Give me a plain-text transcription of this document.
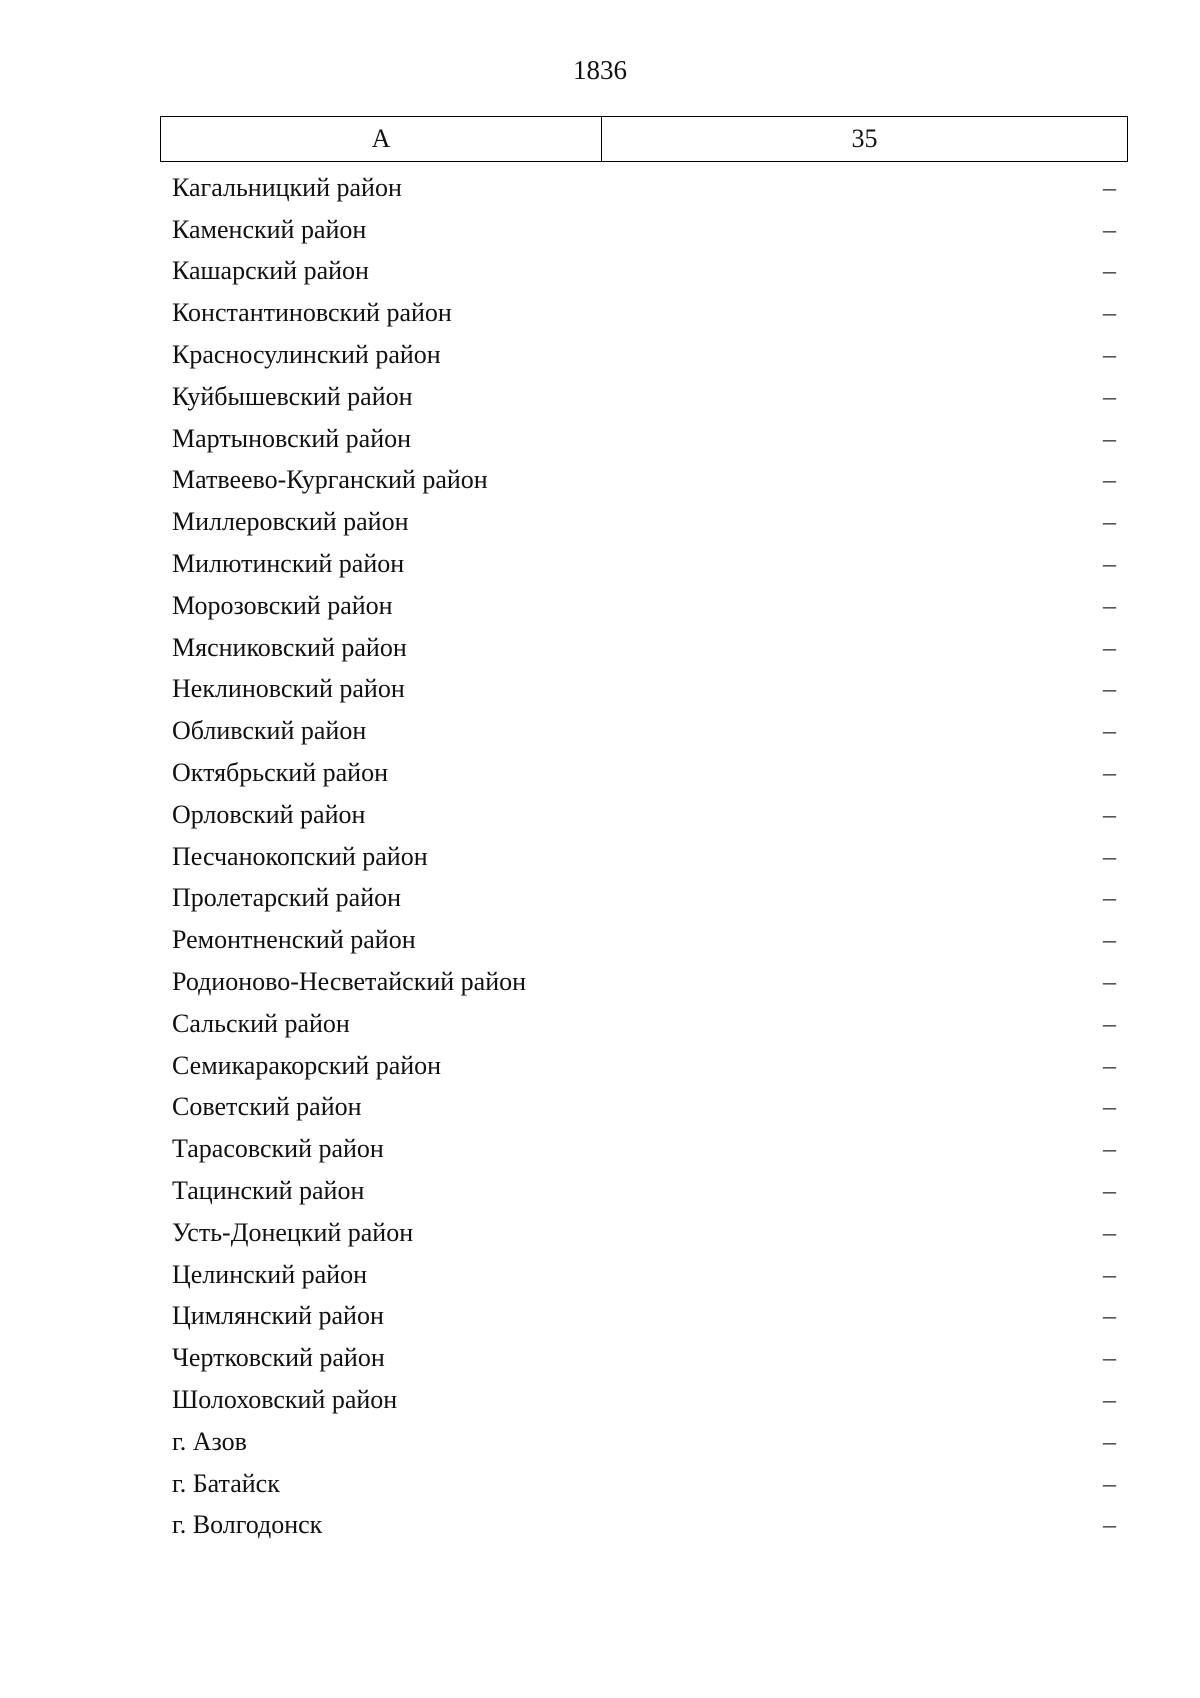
1836
А	35
Кагальницкий район	–
Каменский район	–
Кашарский район	–
Константиновский район	–
Красносулинский район	–
Куйбышевский район	–
Мартыновский район	–
Матвеево-Курганский район	–
Миллеровский район	–
Милютинский район	–
Морозовский район	–
Мясниковский район	–
Неклиновский район	–
Обливский район	–
Октябрьский район	–
Орловский район	–
Песчанокопский район	–
Пролетарский район	–
Ремонтненский район	–
Родионово-Несветайский район	–
Сальский район	–
Семикаракорский район	–
Советский район	–
Тарасовский район	–
Тацинский район	–
Усть-Донецкий район	–
Целинский район	–
Цимлянский район	–
Чертковский район	–
Шолоховский район	–
г. Азов	–
г. Батайск	–
г. Волгодонск	–
